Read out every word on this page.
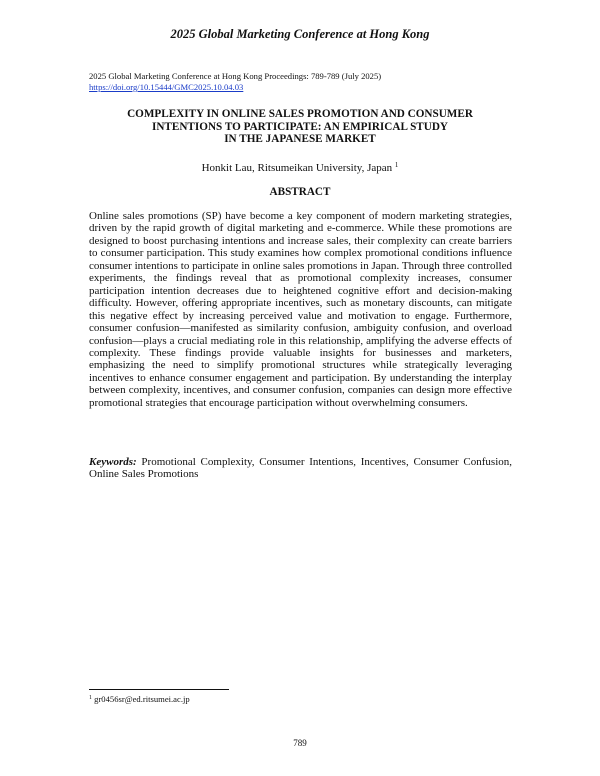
2025 Global Marketing Conference at Hong Kong
2025 Global Marketing Conference at Hong Kong Proceedings: 789-789 (July 2025)
https://doi.org/10.15444/GMC2025.10.04.03
COMPLEXITY IN ONLINE SALES PROMOTION AND CONSUMER
INTENTIONS TO PARTICIPATE: AN EMPIRICAL STUDY
IN THE JAPANESE MARKET
Honkit Lau, Ritsumeikan University, Japan $^1$
ABSTRACT

Online sales promotions (SP) have become a key component of modern marketing strategies, driven by the rapid growth of digital marketing and e-commerce. While these promotions are designed to boost purchasing intentions and increase sales, their complexity can create barriers to consumer participation. This study examines how complex promotional conditions influence consumer intentions to participate in online sales promotions in Japan. Through three controlled experiments, the findings reveal that as promotional complexity increases, consumer participation intention decreases due to heightened cognitive effort and decision-making difficulty. However, offering appropriate incentives, such as monetary discounts, can mitigate this negative effect by increasing perceived value and motivation to engage. Furthermore, consumer confusion—manifested as similarity confusion, ambiguity confusion, and overload confusion—plays a crucial mediating role in this relationship, amplifying the adverse effects of complexity. These findings provide valuable insights for businesses and marketers, emphasizing the need to simplify promotional structures while strategically leveraging incentives to enhance consumer engagement and participation. By understanding the interplay between complexity, incentives, and consumer confusion, companies can design more effective promotional strategies that encourage participation without overwhelming consumers.

Keywords: Promotional Complexity, Consumer Intentions, Incentives, Consumer Confusion, Online Sales Promotions

$^1$ gr0456sr@ed.ritsumei.ac.jp
789
